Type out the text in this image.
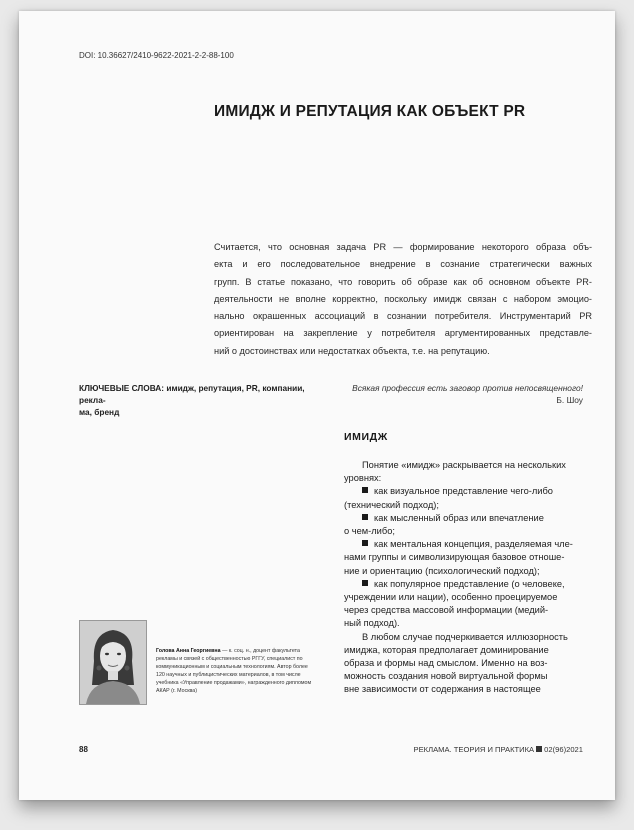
DOI: 10.36627/2410-9622-2021-2-2-88-100
ИМИДЖ И РЕПУТАЦИЯ КАК ОБЪЕКТ PR
Считается, что основная задача PR — формирование некоторого образа объ-
екта и его последовательное внедрение в сознание стратегически важных
групп. В статье показано, что говорить об образе как об основном объекте PR-
деятельности не вполне корректно, поскольку имидж связан с набором эмоцио-
нально окрашенных ассоциаций в сознании потребителя. Инструментарий PR
ориентирован на закрепление у потребителя аргументированных представле-
ний о достоинствах или недостатках объекта, т.е. на репутацию.
КЛЮЧЕВЫЕ СЛОВА: имидж, репутация, PR, компании, рекла-
ма, бренд
Всякая профессия есть заговор против непосвященного!
Б. Шоу
ИМИДЖ
Понятие «имидж» раскрывается на нескольких
уровнях:
как визуальное представление чего-либо
(технический подход);
как мысленный образ или впечатление
о чем-либо;
как ментальная концепция, разделяемая чле-
нами группы и символизирующая базовое отноше-
ние и ориентацию (психологический подход);
как популярное представление (о человеке,
учреждении или нации), особенно проецируемое
через средства массовой информации (медий-
ный подход).
В любом случае подчеркивается иллюзорность
имиджа, которая предполагает доминирование
образа и формы над смыслом. Именно на воз-
можность создания новой виртуальной формы
вне зависимости от содержания в настоящее
Голова Анна Георгиевна — к. соц. н., доцент факультета рекламы и связей с общественностью РГГУ, специалист по коммуникационным и социальным технологиям. Автор более 120 научных и публицистических материалов, в том числе учебника «Управление продажами», награжденного дипломом АКАР (г. Москва)
88	РЕКЛАМА. ТЕОРИЯ И ПРАКТИКА 02(96)2021
